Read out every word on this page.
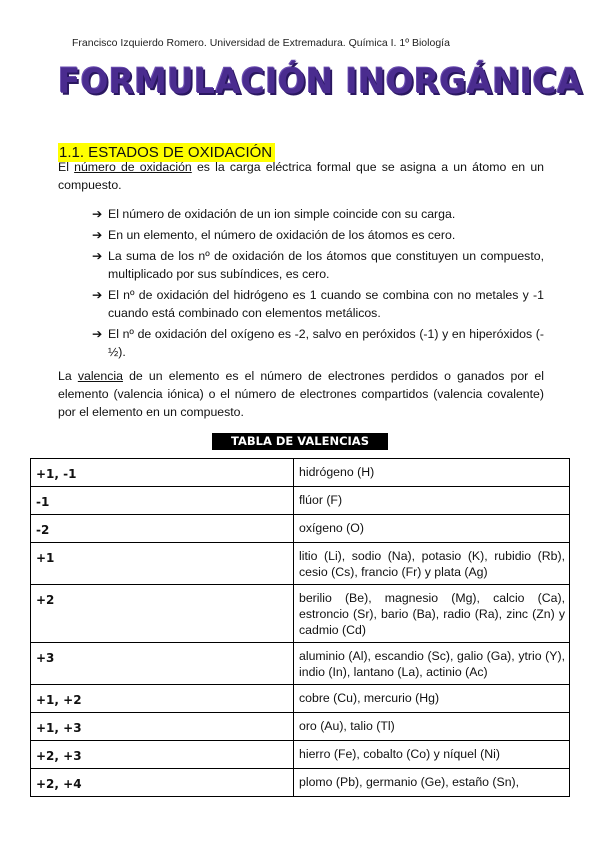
Francisco Izquierdo Romero. Universidad de Extremadura. Química I. 1º Biología
FORMULACIÓN INORGÁNICA
1.1. ESTADOS DE OXIDACIÓN

El número de oxidación es la carga eléctrica formal que se asigna a un átomo en un compuesto.

➔ El número de oxidación de un ion simple coincide con su carga.
➔ En un elemento, el número de oxidación de los átomos es cero.
➔ La suma de los nº de oxidación de los átomos que constituyen un compuesto, multiplicado por sus subíndices, es cero.
➔ El nº de oxidación del hidrógeno es 1 cuando se combina con no metales y -1 cuando está combinado con elementos metálicos.
➔ El nº de oxidación del oxígeno es -2, salvo en peróxidos (-1) y en hiperóxidos (-½).

La valencia de un elemento es el número de electrones perdidos o ganados por el elemento (valencia iónica) o el número de electrones compartidos (valencia covalente) por el elemento en un compuesto.

TABLA DE VALENCIAS
+1, -1	hidrógeno (H)
-1	flúor (F)
-2	oxígeno (O)
+1	litio (Li), sodio (Na), potasio (K), rubidio (Rb), cesio (Cs), francio (Fr) y plata (Ag)
+2	berilio (Be), magnesio (Mg), calcio (Ca), estroncio (Sr), bario (Ba), radio (Ra), zinc (Zn) y cadmio (Cd)
+3	aluminio (Al), escandio (Sc), galio (Ga), ytrio (Y), indio (In), lantano (La), actinio (Ac)
+1, +2	cobre (Cu), mercurio (Hg)
+1, +3	oro (Au), talio (Tl)
+2, +3	hierro (Fe), cobalto (Co) y níquel (Ni)
+2, +4	plomo (Pb), germanio (Ge), estaño (Sn),
